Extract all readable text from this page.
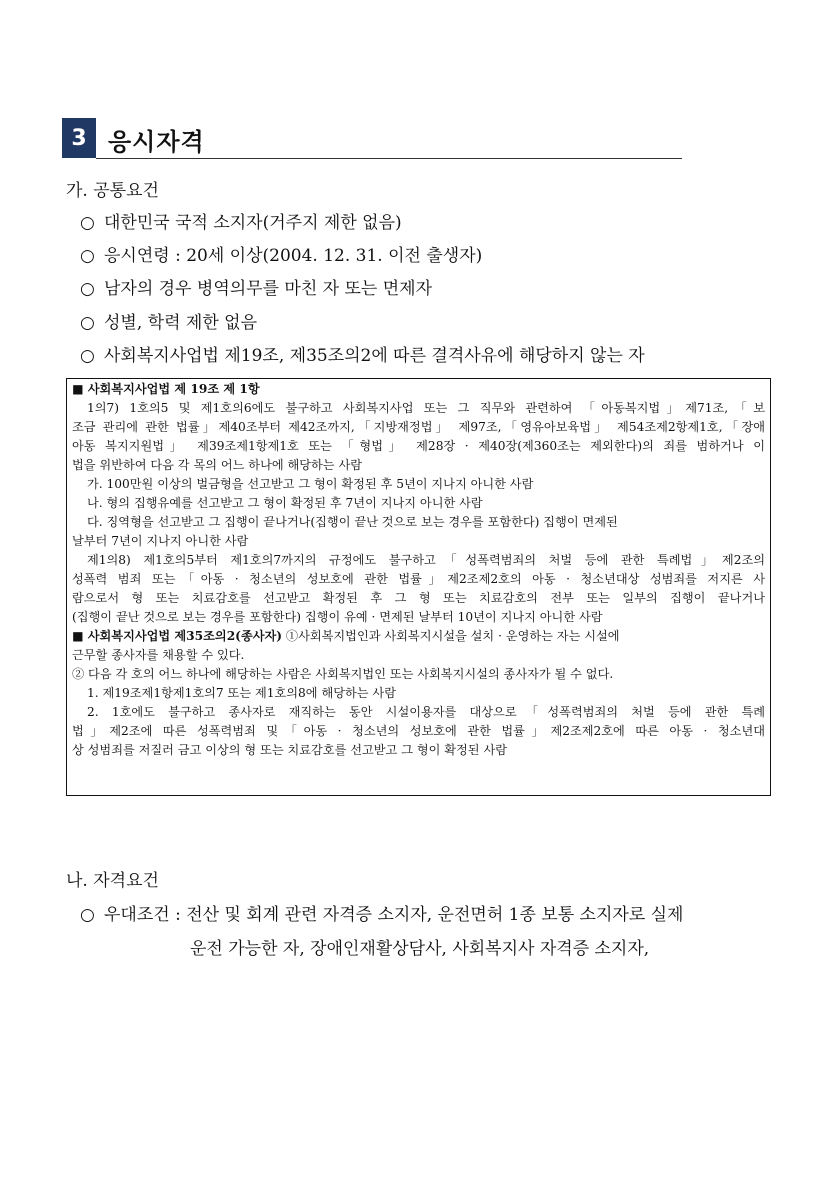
3 응시자격
가. 공통요건
○ 대한민국 국적 소지자(거주지 제한 없음)
○ 응시연령 : 20세 이상(2004. 12. 31. 이전 출생자)
○ 남자의 경우 병역의무를 마친 자 또는 면제자
○ 성별, 학력 제한 없음
○ 사회복지사업법 제19조, 제35조의2에 따른 결격사유에 해당하지 않는 자
■ 사회복지사업법 제 19조 제 1항
1의7) 1호의5 및 제1호의6에도 불구하고 사회복지사업 또는 그 직무와 관련하여 「아동복지법」제71조,「보
조금 관리에 관한 법률」제40조부터 제42조까지,「지방재정법」 제97조,「영유아보육법」 제54조제2항제1호,「장애
아동 복지지원법」 제39조제1항제1호 또는 「형법」 제28장 · 제40장(제360조는 제외한다)의 죄를 범하거나 이
법을 위반하여 다음 각 목의 어느 하나에 해당하는 사람
가. 100만원 이상의 벌금형을 선고받고 그 형이 확정된 후 5년이 지나지 아니한 사람
나. 형의 집행유예를 선고받고 그 형이 확정된 후 7년이 지나지 아니한 사람
다. 징역형을 선고받고 그 집행이 끝나거나(집행이 끝난 것으로 보는 경우를 포함한다) 집행이 면제된
날부터 7년이 지나지 아니한 사람
제1의8) 제1호의5부터 제1호의7까지의 규정에도 불구하고「성폭력범죄의 처벌 등에 관한 특례법」제2조의
성폭력 범죄 또는「아동 · 청소년의 성보호에 관한 법률」제2조제2호의 아동 · 청소년대상 성범죄를 저지른 사
람으로서 형 또는 치료감호를 선고받고 확정된 후 그 형 또는 치료감호의 전부 또는 일부의 집행이 끝나거나
(집행이 끝난 것으로 보는 경우를 포함한다) 집행이 유예 · 면제된 날부터 10년이 지나지 아니한 사람
■ 사회복지사업법 제35조의2(종사자) ①사회복지법인과 사회복지시설을 설치 · 운영하는 자는 시설에
근무할 종사자를 채용할 수 있다.
② 다음 각 호의 어느 하나에 해당하는 사람은 사회복지법인 또는 사회복지시설의 종사자가 될 수 없다.
1. 제19조제1항제1호의7 또는 제1호의8에 해당하는 사람
2. 1호에도 불구하고 종사자로 재직하는 동안 시설이용자를 대상으로「성폭력범죄의 처벌 등에 관한 특례
법」제2조에 따른 성폭력범죄 및「아동 · 청소년의 성보호에 관한 법률」제2조제2호에 따른 아동 · 청소년대
상 성범죄를 저질러 금고 이상의 형 또는 치료감호를 선고받고 그 형이 확정된 사람
나. 자격요건
○ 우대조건 : 전산 및 회계 관련 자격증 소지자, 운전면허 1종 보통 소지자로 실제
운전 가능한 자, 장애인재활상담사, 사회복지사 자격증 소지자,
